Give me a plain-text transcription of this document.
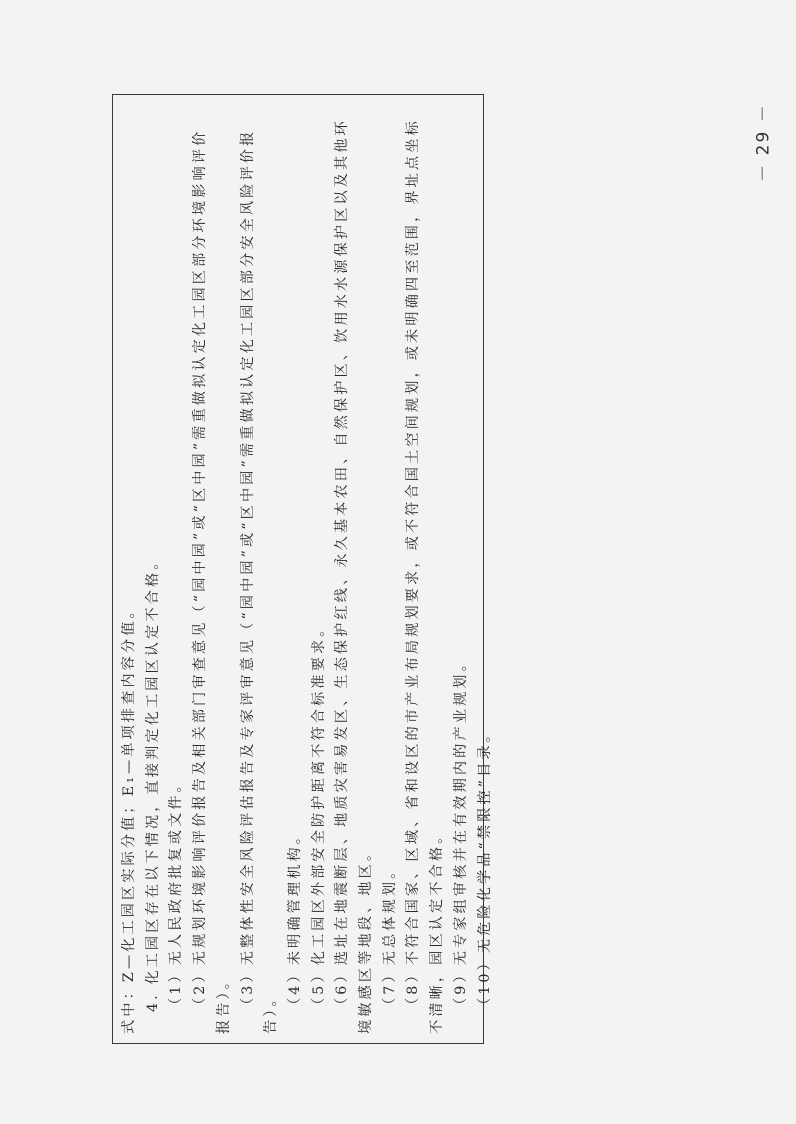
式中：Z—化工园区实际分值；E₁—单项排查内容分值。 4. 化工园区存在以下情况，直接判定化工园区认定不合格。 （1）无人民政府批复或文件。 （2）无规划环境影响评价报告及相关部门审查意见（“园中园”或“区中园”需重做拟认定化工园区部分环境影响评价报告）。 （3）无整体性安全风险评估报告及专家评审意见（“园中园”或“区中园”需重做拟认定化工园区部分安全风险评价报告）。 （4）未明确管理机构。 （5）化工园区外部安全防护距离不符合标准要求。 （6）选址在地震断层、地质灾害易发区、生态保护红线、永久基本农田、自然保护区、饮用水水源保护区以及其他环境敏感区等地段、地区。 （7）无总体规划。 （8）不符合国家、区域、省和设区的市产业布局规划要求，或不符合国土空间规划，或未明确四至范围，界址点坐标不清晰，园区认定不合格。 （9）无专家组审核并在有效期内的产业规划。 （10）无危险化学品“禁限控”目录。
－ 29 －
